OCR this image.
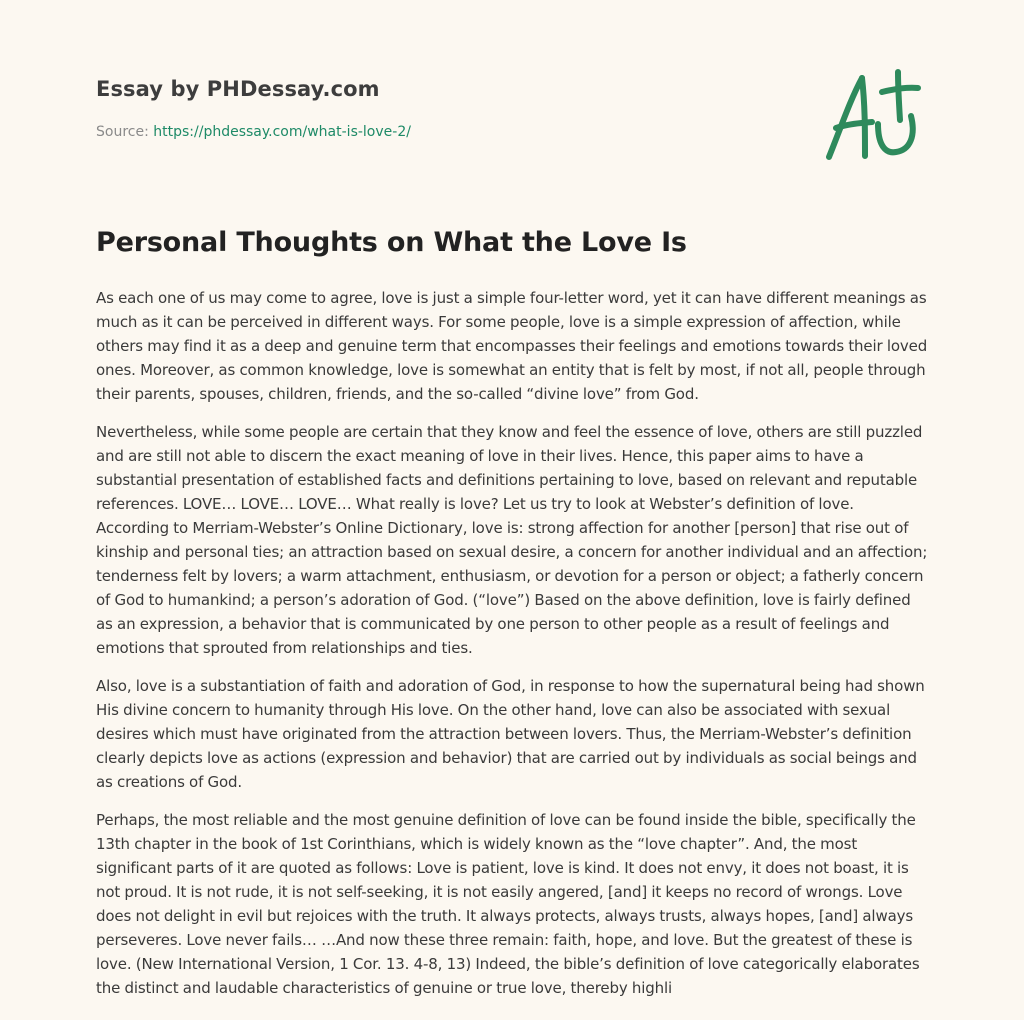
Essay by PHDessay.com

Source: https://phdessay.com/what-is-love-2/

Personal Thoughts on What the Love Is

As each one of us may come to agree, love is just a simple four-letter word, yet it can have different meanings as much as it can be perceived in different ways. For some people, love is a simple expression of affection, while others may find it as a deep and genuine term that encompasses their feelings and emotions towards their loved ones. Moreover, as common knowledge, love is somewhat an entity that is felt by most, if not all, people through their parents, spouses, children, friends, and the so-called “divine love” from God.

Nevertheless, while some people are certain that they know and feel the essence of love, others are still puzzled and are still not able to discern the exact meaning of love in their lives. Hence, this paper aims to have a substantial presentation of established facts and definitions pertaining to love, based on relevant and reputable references. LOVE… LOVE… LOVE… What really is love? Let us try to look at Webster’s definition of love. According to Merriam-Webster’s Online Dictionary, love is: strong affection for another [person] that rise out of kinship and personal ties; an attraction based on sexual desire, a concern for another individual and an affection; tenderness felt by lovers; a warm attachment, enthusiasm, or devotion for a person or object; a fatherly concern of God to humankind; a person’s adoration of God. (“love”) Based on the above definition, love is fairly defined as an expression, a behavior that is communicated by one person to other people as a result of feelings and emotions that sprouted from relationships and ties.

Also, love is a substantiation of faith and adoration of God, in response to how the supernatural being had shown His divine concern to humanity through His love. On the other hand, love can also be associated with sexual desires which must have originated from the attraction between lovers. Thus, the Merriam-Webster’s definition clearly depicts love as actions (expression and behavior) that are carried out by individuals as social beings and as creations of God.

Perhaps, the most reliable and the most genuine definition of love can be found inside the bible, specifically the 13th chapter in the book of 1st Corinthians, which is widely known as the “love chapter”. And, the most significant parts of it are quoted as follows: Love is patient, love is kind. It does not envy, it does not boast, it is not proud. It is not rude, it is not self-seeking, it is not easily angered, [and] it keeps no record of wrongs. Love does not delight in evil but rejoices with the truth. It always protects, always trusts, always hopes, [and] always perseveres. Love never fails… …And now these three remain: faith, hope, and love. But the greatest of these is love. (New International Version, 1 Cor. 13. 4-8, 13) Indeed, the bible’s definition of love categorically elaborates the distinct and laudable characteristics of genuine or true love, thereby highli
